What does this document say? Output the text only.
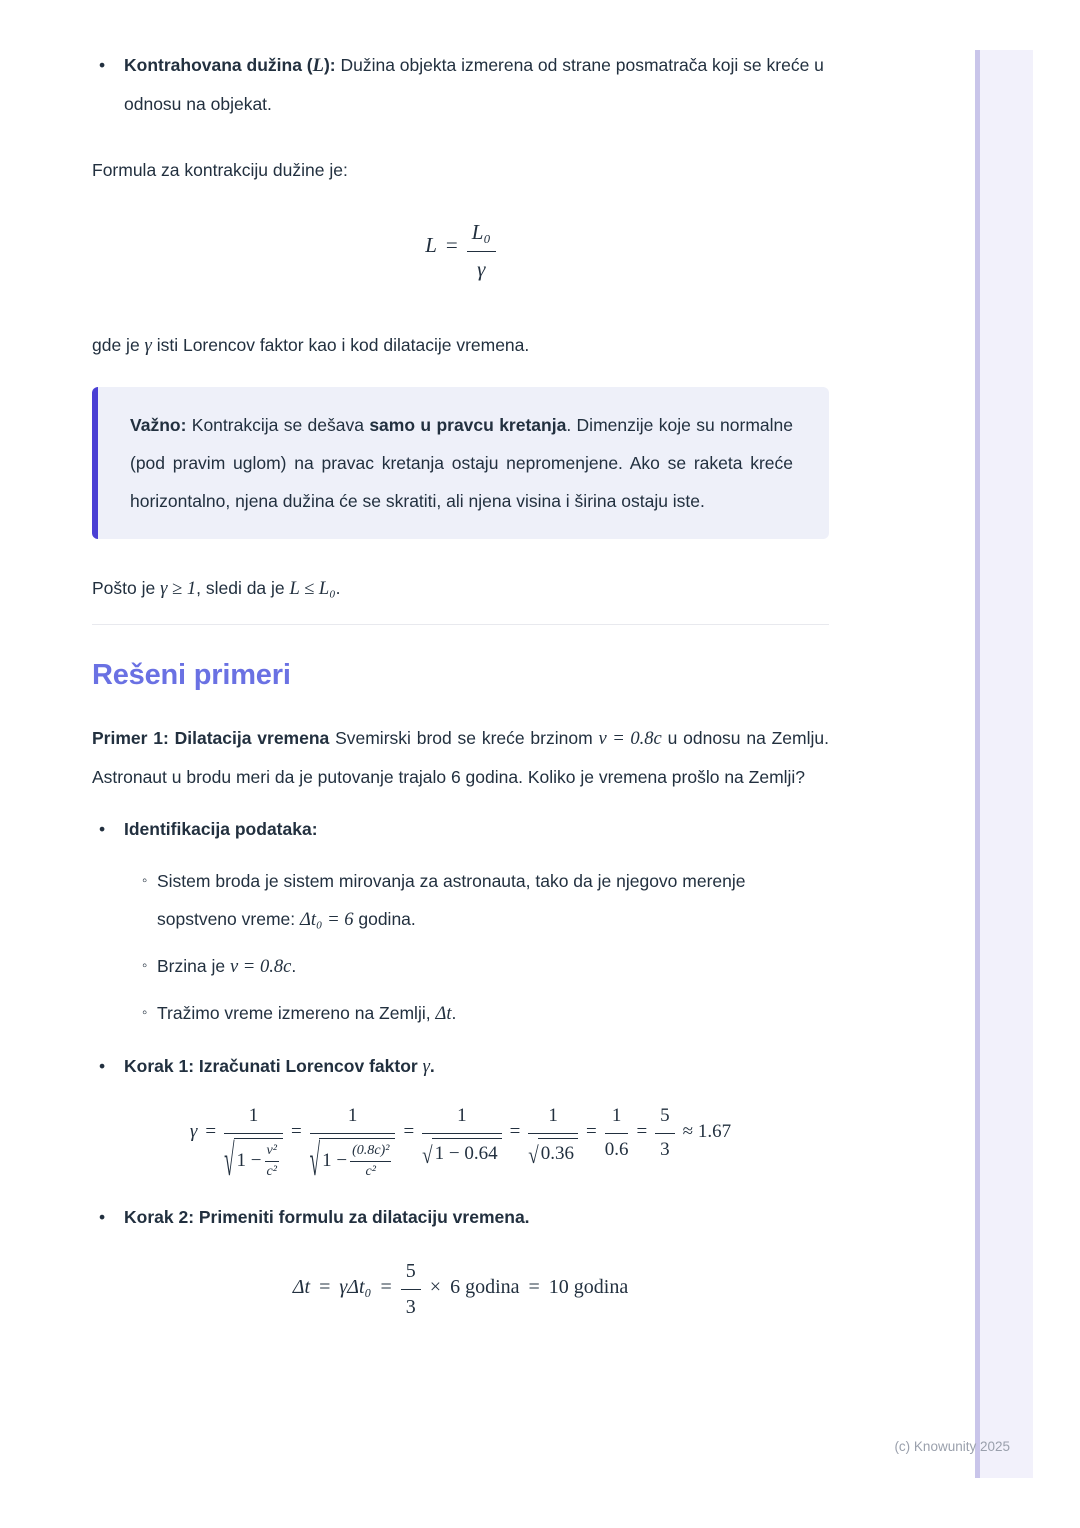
•	Kontrahovana dužina (L): Dužina objekta izmerena od strane posmatrača koji se kreće u odnosu na objekat.

Formula za kontrakciju dužine je:

$L = \frac{\text{L₀}}{\gamma}$

gde je γ isti Lorencov faktor kao i kod dilatacije vremena.

Važno: Kontrakcija se dešava samo u pravcu kretanja. Dimenzije koje su normalne (pod pravim uglom) na pravac kretanja ostaju nepromenjene. Ako se raketa kreće horizontalno, njena dužina će se skratiti, ali njena visina i širina ostaju iste.

Pošto je γ ≥ 1, sledi da je L ≤ L₀.

Rešeni primeri

Primer 1: Dilatacija vremena Svemirski brod se kreće brzinom v = 0.8c u odnosu na Zemlju. Astronaut u brodu meri da je putovanje trajalo 6 godina. Koliko je vremena prošlo na Zemlji?

•	Identifikacija podataka:
◦ Sistem broda je sistem mirovanja za astronauta, tako da je njegovo merenje sopstveno vreme: Δt₀ = 6 godina.
◦ Brzina je v = 0.8c.
◦ Tražimo vreme izmereno na Zemlji, Δt.
•	Korak 1: Izračunati Lorencov faktor γ.
γ =
1
√ $1 - \frac{\text{v²}}{\text{c²}}$
=
1
√ $1 - \frac{\text{(0.8c)²}}{\text{c²}}$
= $\frac{1}{√ 1 - 0.64} = \frac{1}{√ 0.36} = \frac{1}{0.6} = \frac{5}{3} \approx 1.67$
•	Korak 2: Primeniti formulu za dilataciju vremena.
$\Delta t = \gamma\Delta t_0 = \frac{5}{3} \times 6$ godina = 10 godina
(c) Knowunity 2025
